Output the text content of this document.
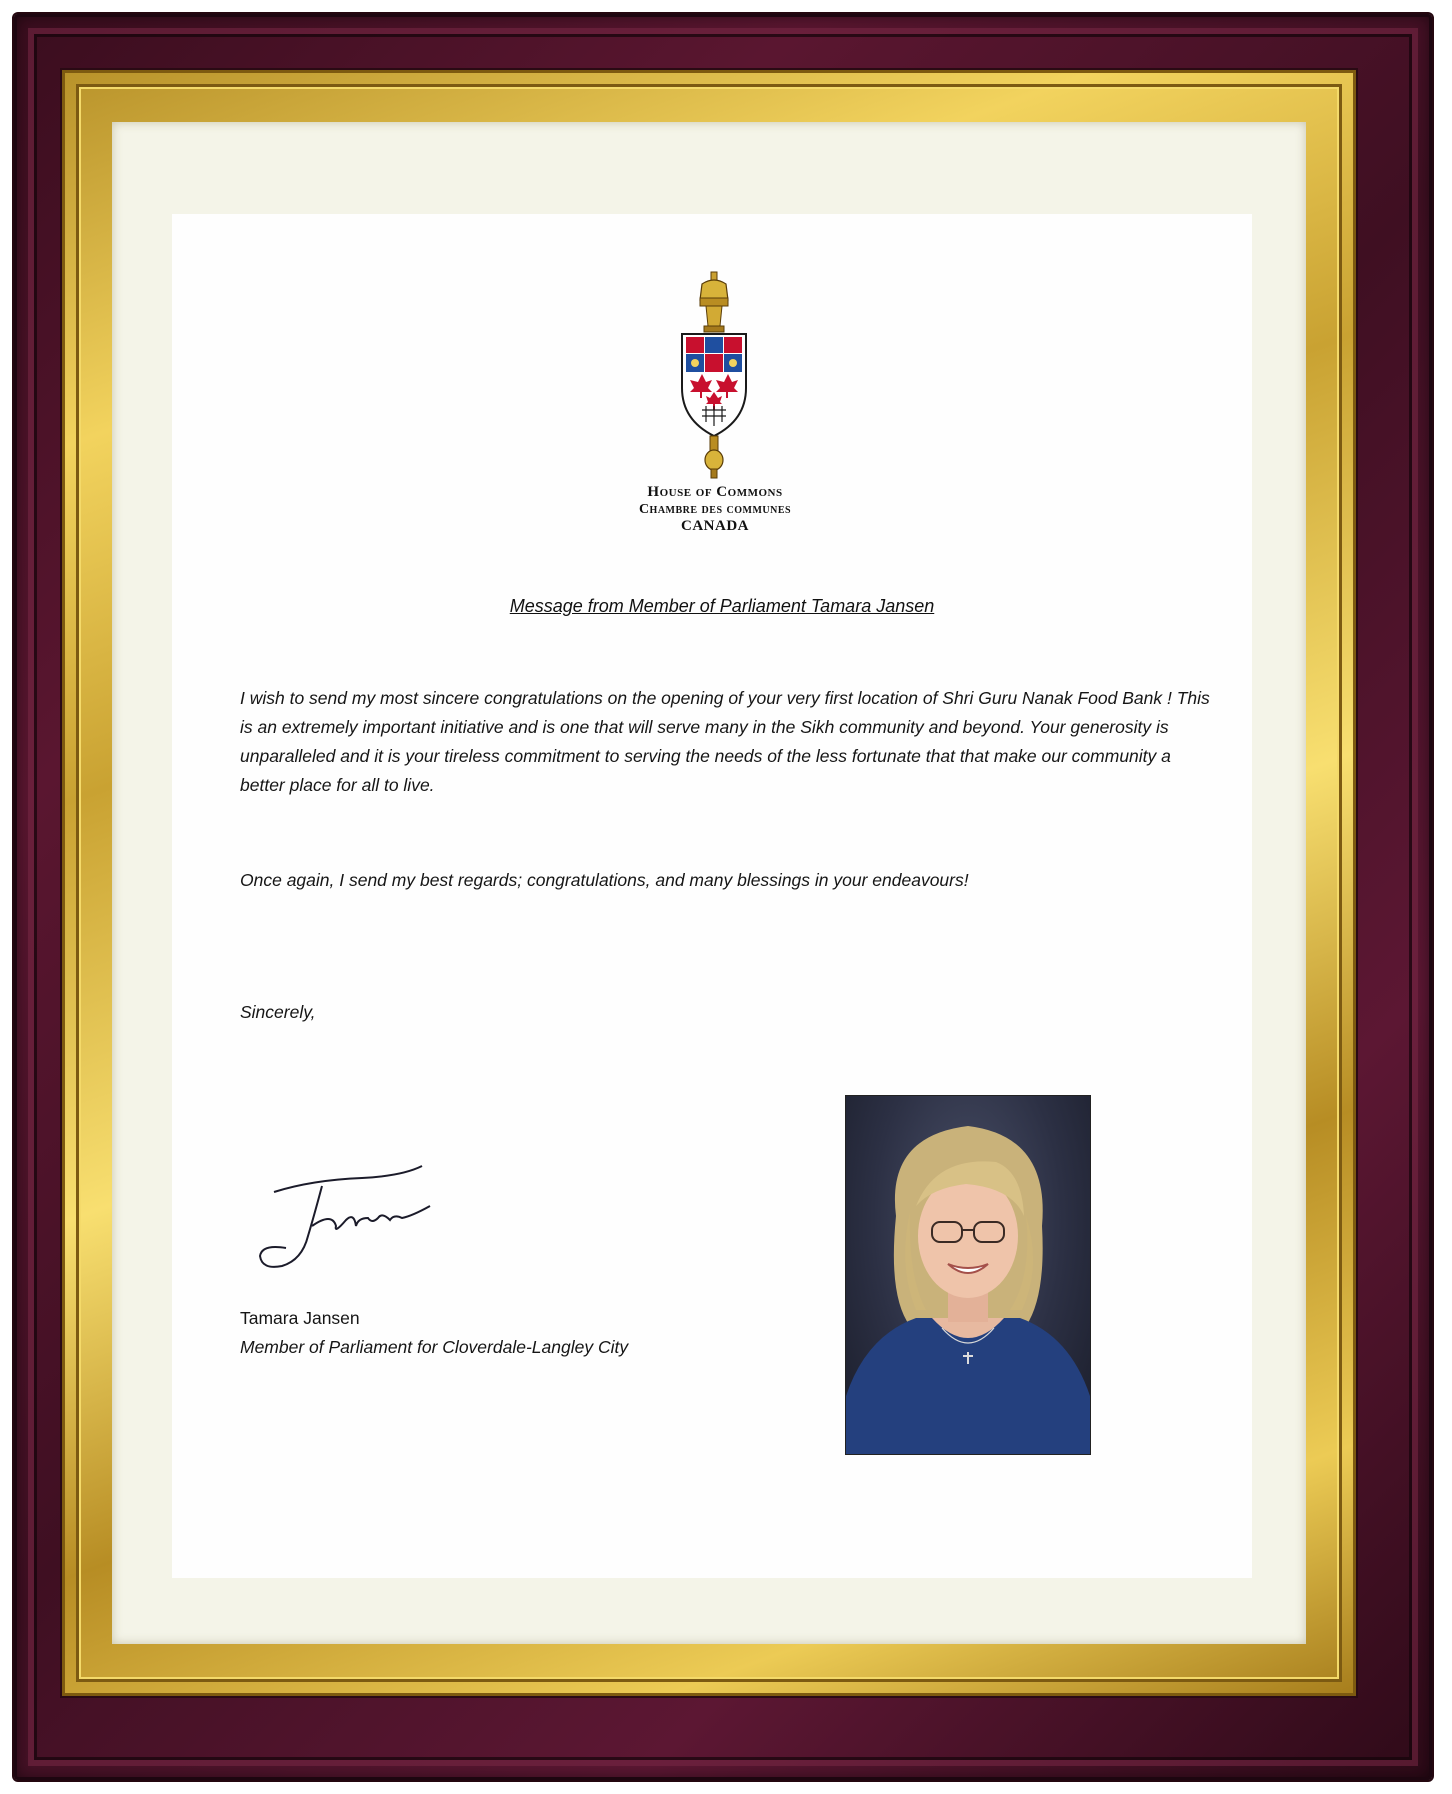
House of Commons
Chambre des communes
CANADA
Message from Member of Parliament Tamara Jansen

I wish to send my most sincere congratulations on the opening of your very first location of Shri Guru Nanak Food Bank ! This is an extremely important initiative and is one that will serve many in the Sikh community and beyond. Your generosity is unparalleled and it is your tireless commitment to serving the needs of the less fortunate that that make our community a better place for all to live.

Once again, I send my best regards; congratulations, and many blessings in your endeavours!

Sincerely,
Tamara Jansen
Member of Parliament for Cloverdale-Langley City
